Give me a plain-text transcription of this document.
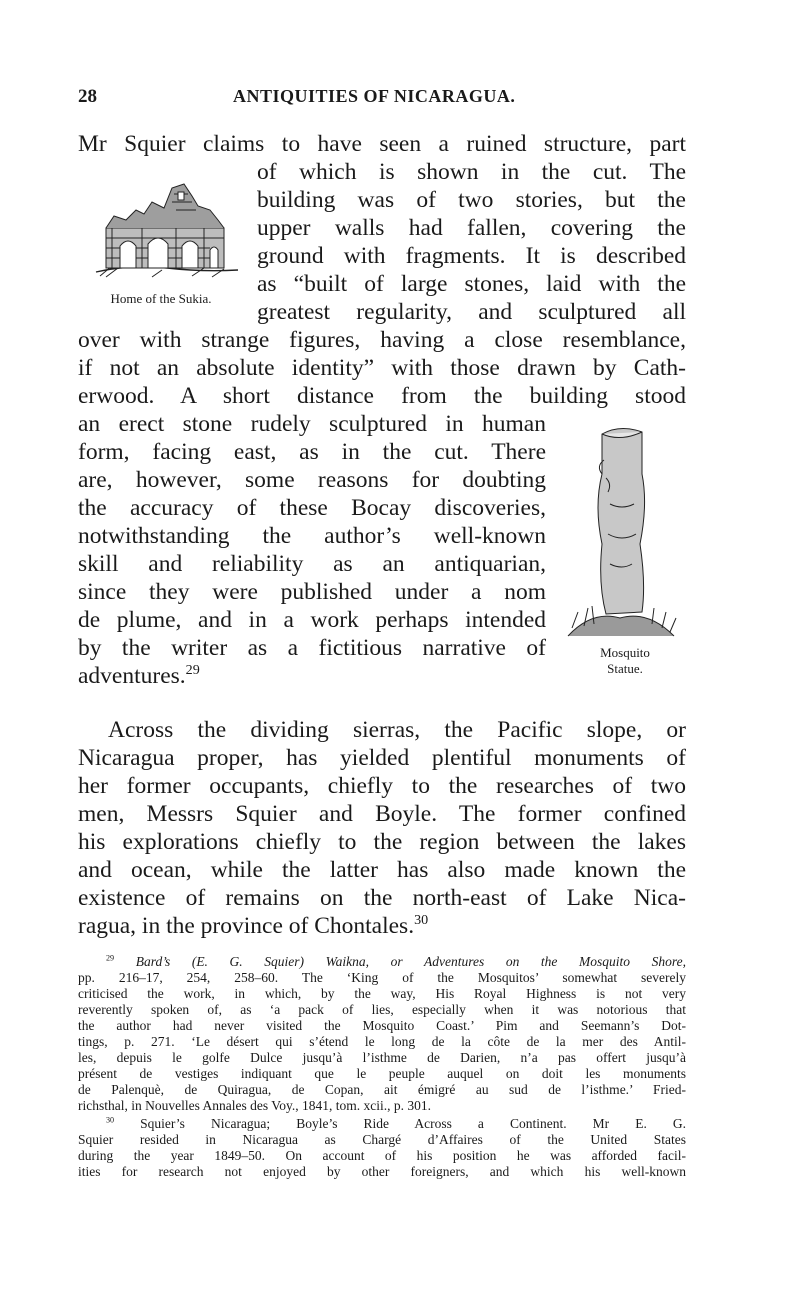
28	ANTIQUITIES OF NICARAGUA.
Home of the Sukia.
Mosquito
Statue.
Mr Squier claims to have seen a ruined structure, part
of which is shown in the cut. The
building was of two stories, but the
upper walls had fallen, covering the
ground with fragments. It is described
as “built of large stones, laid with the
greatest regularity, and sculptured all
over with strange figures, having a close resemblance,
if not an absolute identity” with those drawn by Cath-
erwood. A short distance from the building stood
an erect stone rudely sculptured in human
form, facing east, as in the cut. There
are, however, some reasons for doubting
the accuracy of these Bocay discoveries,
notwithstanding the author’s well-known
skill and reliability as an antiquarian,
since they were published under a nom
de plume, and in a work perhaps intended
by the writer as a fictitious narrative of
adventures.$^{29}$
Across the dividing sierras, the Pacific slope, or
Nicaragua proper, has yielded plentiful monuments of
her former occupants, chiefly to the researches of two
men, Messrs Squier and Boyle. The former confined
his explorations chiefly to the region between the lakes
and ocean, while the latter has also made known the
existence of remains on the north-east of Lake Nica-
ragua, in the province of Chontales.$^{30}$
$^{29}$ Bard’s (E. G. Squier) Waikna, or Adventures on the Mosquito Shore,
pp. 216–17, 254, 258–60. The ‘King of the Mosquitos’ somewhat severely
criticised the work, in which, by the way, His Royal Highness is not very
reverently spoken of, as ‘a pack of lies, especially when it was notorious that
the author had never visited the Mosquito Coast.’ Pim and Seemann’s Dot-
tings, p. 271. ‘Le désert qui s’étend le long de la côte de la mer des Antil-
les, depuis le golfe Dulce jusqu’à l’isthme de Darien, n’a pas offert jusqu’à
présent de vestiges indiquant que le peuple auquel on doit les monuments
de Palenquè, de Quiragua, de Copan, ait émigré au sud de l’isthme.’ Fried-
richsthal, in Nouvelles Annales des Voy., 1841, tom. xcii., p. 301.
$^{30}$ Squier’s Nicaragua; Boyle’s Ride Across a Continent. Mr E. G.
Squier resided in Nicaragua as Chargé d’Affaires of the United States
during the year 1849–50. On account of his position he was afforded facil-
ities for research not enjoyed by other foreigners, and which his well-known
